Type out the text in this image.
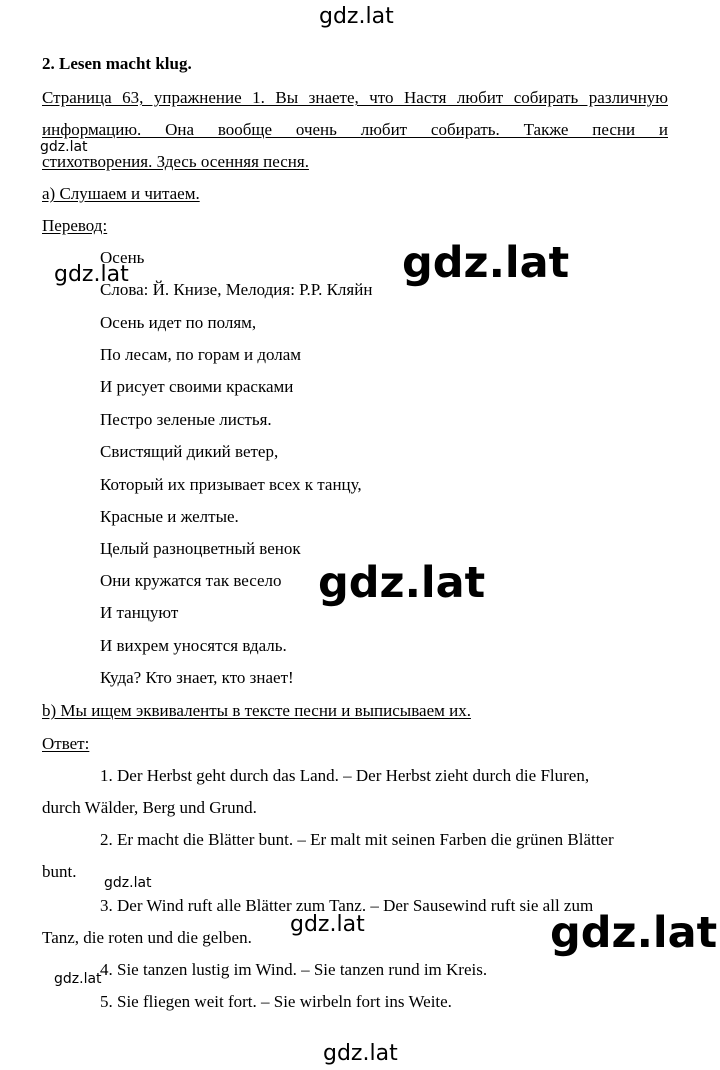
gdz.lat
2. Lesen macht klug.
Страница 63, упражнение 1. Вы знаете, что Настя любит собирать различную
информацию. Она вообще очень любит собирать. Также песни и
стихотворения. Здесь осенняя песня.
a) Слушаем и читаем.
Перевод:
Осень
Слова: Й. Книзе, Мелодия: Р.Р. Кляйн
Осень идет по полям,
По лесам, по горам и долам
И рисует своими красками
Пестро зеленые листья.
Свистящий дикий ветер,
Который их призывает всех к танцу,
Красные и желтые.
Целый разноцветный венок
Они кружатся так весело
И танцуют
И вихрем уносятся вдаль.
Куда? Кто знает, кто знает!
b) Мы ищем эквиваленты в тексте песни и выписываем их.
Ответ:
1. Der Herbst geht durch das Land. – Der Herbst zieht durch die Fluren,
durch Wälder, Berg und Grund.
2. Er macht die Blätter bunt. – Er malt mit seinen Farben die grünen Blätter
bunt.
3. Der Wind ruft alle Blätter zum Tanz. – Der Sausewind ruft sie all zum
Tanz, die roten und die gelben.
4. Sie tanzen lustig im Wind. – Sie tanzen rund im Kreis.
5. Sie fliegen weit fort. – Sie wirbeln fort ins Weite.
gdz.lat
gdz.lat	gdz.lat
gdz.lat
gdz.lat
gdz.lat	gdz.lat
gdz.lat
gdz.lat
